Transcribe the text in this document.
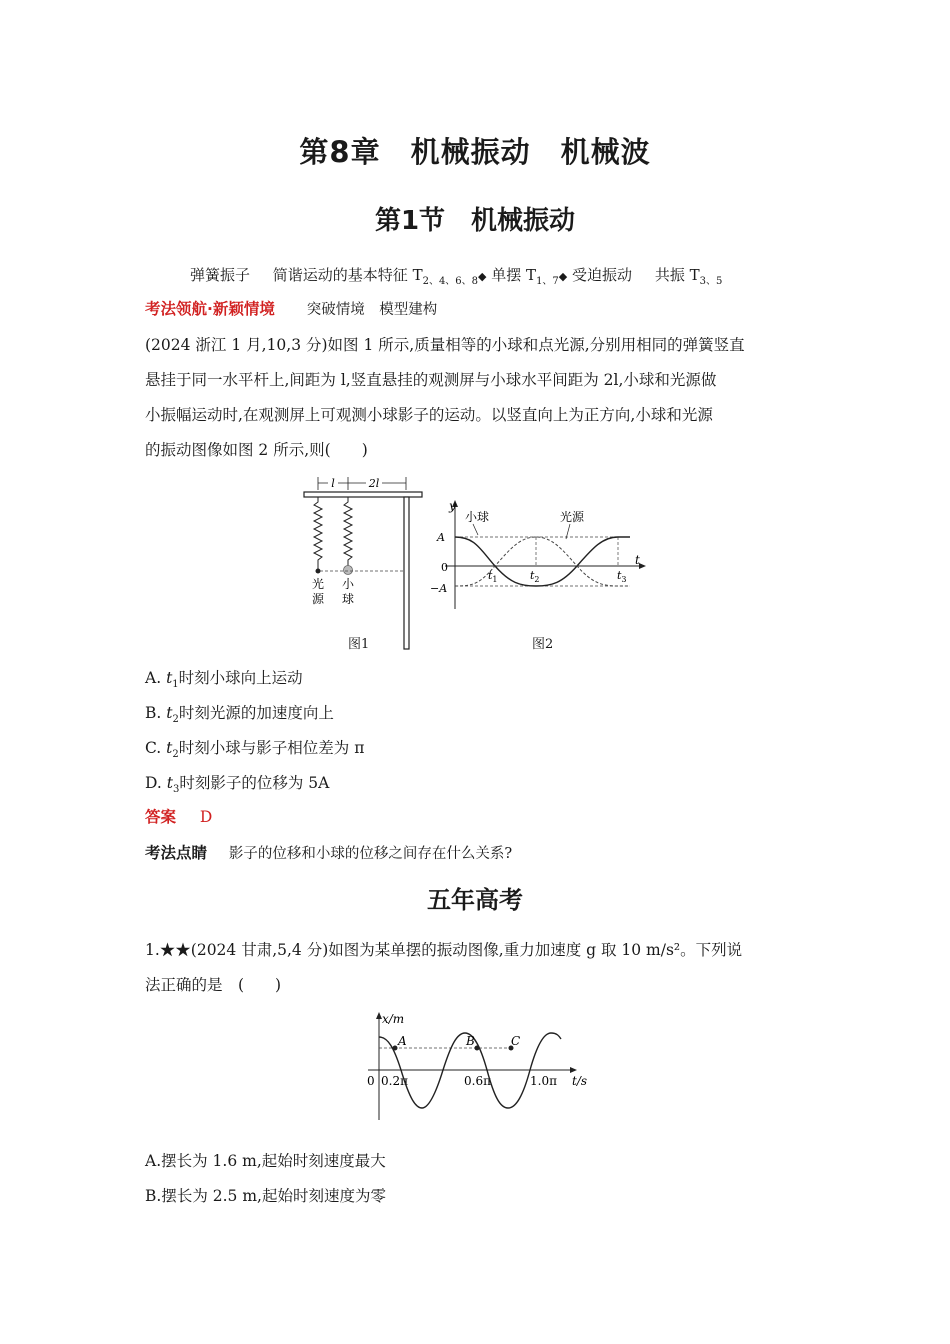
第8章　机械振动　机械波
第1节　机械振动
弹簧振子 简谐运动的基本特征 $T_{2、4、6、8}◆$ 单摆 $T_{1、7}◆$ 受迫振动 共振 $T_{3、5}$
考法领航·新颖情境 突破情境　模型建构
(2024 浙江 1 月,10,3 分)如图 1 所示,质量相等的小球和点光源,分别用相同的弹簧竖直
悬挂于同一水平杆上,间距为 l,竖直悬挂的观测屏与小球水平间距为 2l,小球和光源做
小振幅运动时,在观测屏上可观测小球影子的运动。以竖直向上为正方向,小球和光源
的振动图像如图 2 所示,则(　　)
l	2l
光
源
小
球
图1
y
t
0
A
−A
小球	光源
$t_1$	$t_2$	$t_3$
图2
A. $t_1$时刻小球向上运动
B. $t_2$时刻光源的加速度向上
C. $t_2$时刻小球与影子相位差为 π
D. $t_3$时刻影子的位移为 5A
答案 D
考法点睛 影子的位移和小球的位移之间存在什么关系?
五年高考
1.★★(2024 甘肃,5,4 分)如图为某单摆的振动图像,重力加速度 g 取 10 m/s²。下列说
法正确的是　(　　)
x/m
t/s
0 0.2π	0.6π	1.0π
A	B	C
A.摆长为 1.6 m,起始时刻速度最大
B.摆长为 2.5 m,起始时刻速度为零
